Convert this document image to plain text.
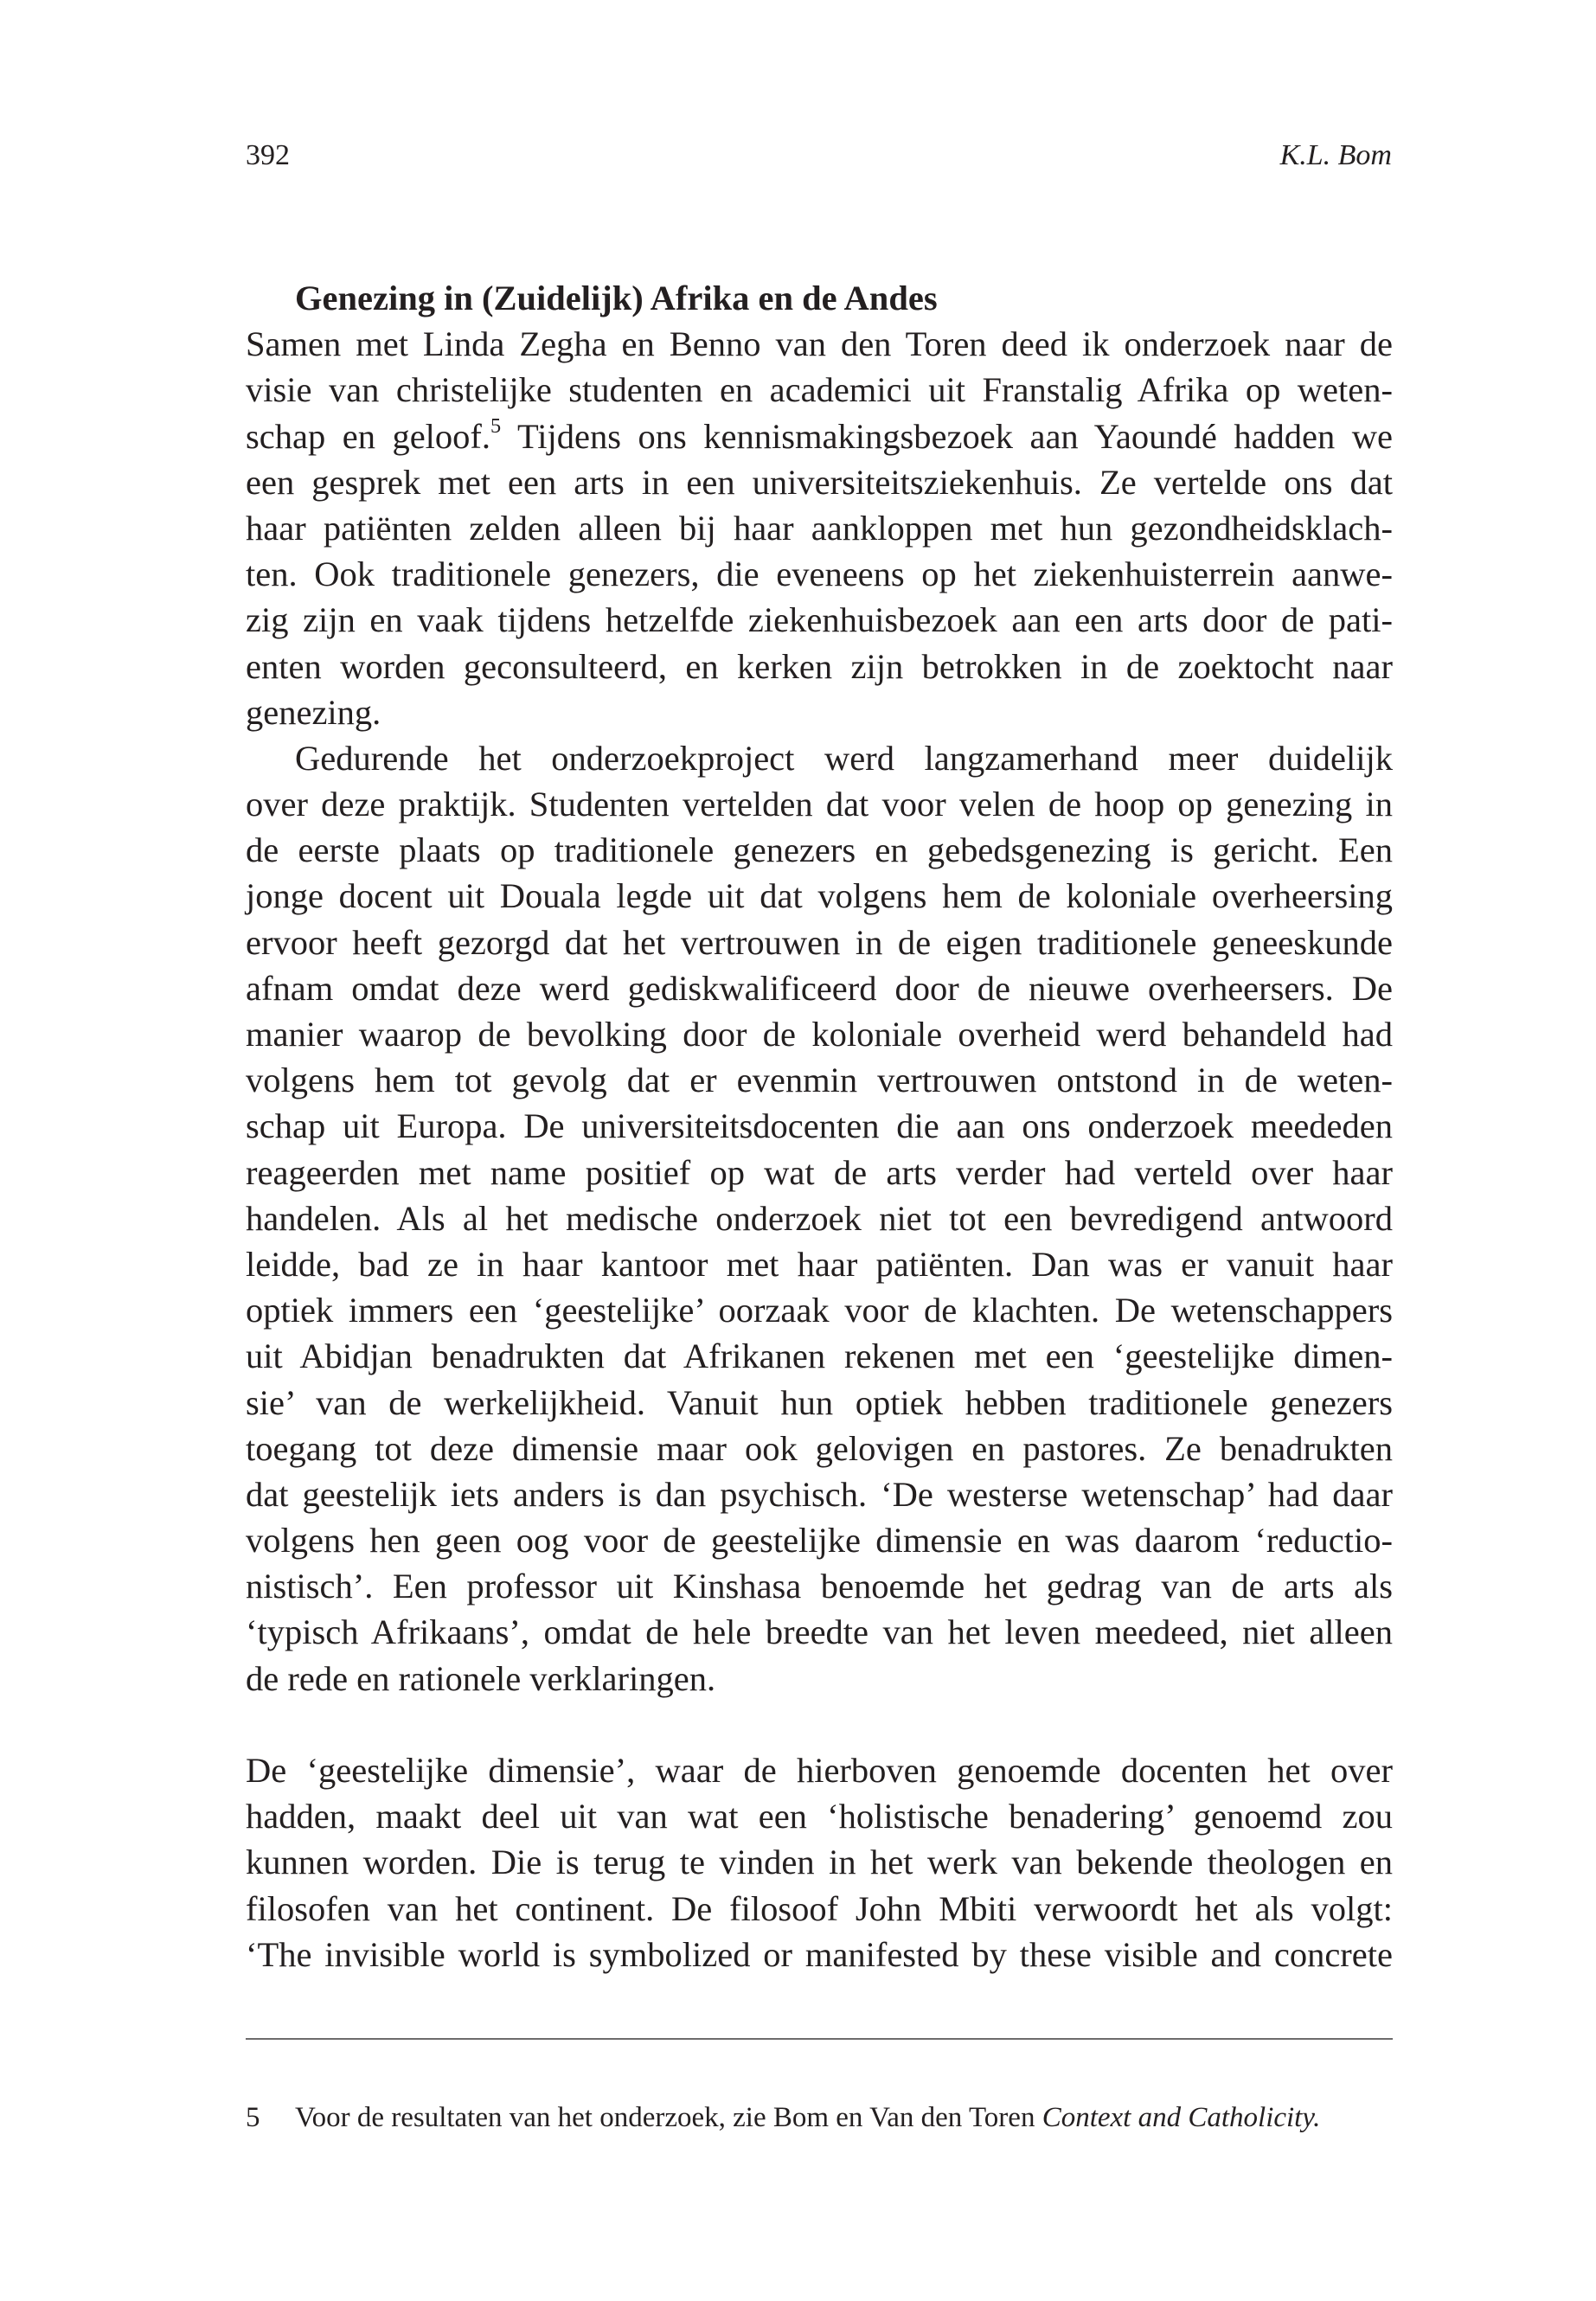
392	K.L. Bom
Genezing in (Zuidelijk) Afrika en de Andes
Samen met Linda Zegha en Benno van den Toren deed ik onderzoek naar de
visie van christelijke studenten en academici uit Franstalig Afrika op weten-
schap en geloof.$^5$ Tijdens ons kennismakingsbezoek aan Yaoundé hadden we
een gesprek met een arts in een universiteitsziekenhuis. Ze vertelde ons dat
haar patiënten zelden alleen bij haar aankloppen met hun gezondheidsklach-
ten. Ook traditionele genezers, die eveneens op het ziekenhuisterrein aanwe-
zig zijn en vaak tijdens hetzelfde ziekenhuisbezoek aan een arts door de pati-
enten worden geconsulteerd, en kerken zijn betrokken in de zoektocht naar
genezing.
Gedurende het onderzoekproject werd langzamerhand meer duidelijk
over deze praktijk. Studenten vertelden dat voor velen de hoop op genezing in
de eerste plaats op traditionele genezers en gebedsgenezing is gericht. Een
jonge docent uit Douala legde uit dat volgens hem de koloniale overheersing
ervoor heeft gezorgd dat het vertrouwen in de eigen traditionele geneeskunde
afnam omdat deze werd gediskwalificeerd door de nieuwe overheersers. De
manier waarop de bevolking door de koloniale overheid werd behandeld had
volgens hem tot gevolg dat er evenmin vertrouwen ontstond in de weten-
schap uit Europa. De universiteitsdocenten die aan ons onderzoek meededen
reageerden met name positief op wat de arts verder had verteld over haar
handelen. Als al het medische onderzoek niet tot een bevredigend antwoord
leidde, bad ze in haar kantoor met haar patiënten. Dan was er vanuit haar
optiek immers een ‘geestelijke’ oorzaak voor de klachten. De wetenschappers
uit Abidjan benadrukten dat Afrikanen rekenen met een ‘geestelijke dimen-
sie’ van de werkelijkheid. Vanuit hun optiek hebben traditionele genezers
toegang tot deze dimensie maar ook gelovigen en pastores. Ze benadrukten
dat geestelijk iets anders is dan psychisch. ‘De westerse wetenschap’ had daar
volgens hen geen oog voor de geestelijke dimensie en was daarom ‘reductio-
nistisch’. Een professor uit Kinshasa benoemde het gedrag van de arts als
‘typisch Afrikaans’, omdat de hele breedte van het leven meedeed, niet alleen
de rede en rationele verklaringen.
De ‘geestelijke dimensie’, waar de hierboven genoemde docenten het over
hadden, maakt deel uit van wat een ‘holistische benadering’ genoemd zou
kunnen worden. Die is terug te vinden in het werk van bekende theologen en
filosofen van het continent. De filosoof John Mbiti verwoordt het als volgt:
‘The invisible world is symbolized or manifested by these visible and concrete
5 Voor de resultaten van het onderzoek, zie Bom en Van den Toren Context and Catholicity.
